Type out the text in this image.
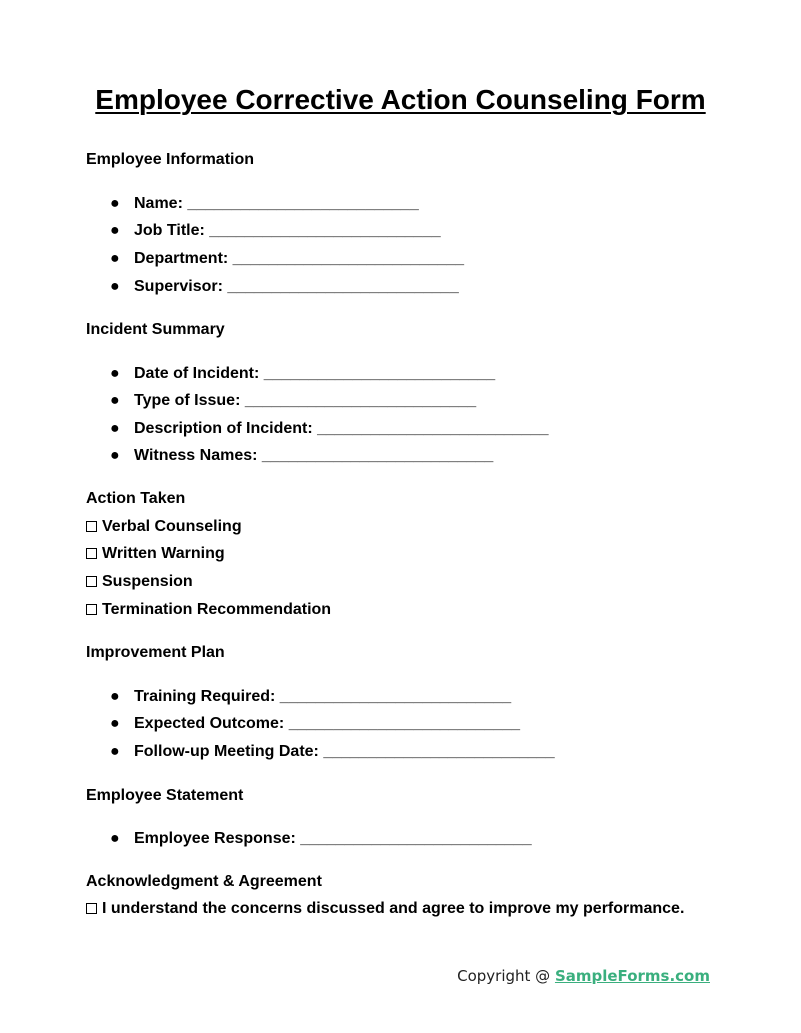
Employee Corrective Action Counseling Form
Employee Information
● Name: __________________________
● Job Title: __________________________
● Department: __________________________
● Supervisor: __________________________
Incident Summary
● Date of Incident: __________________________
● Type of Issue: __________________________
● Description of Incident: __________________________
● Witness Names: __________________________
Action Taken
Verbal Counseling
Written Warning
Suspension
Termination Recommendation
Improvement Plan
● Training Required: __________________________
● Expected Outcome: __________________________
● Follow-up Meeting Date: __________________________
Employee Statement
● Employee Response: __________________________
Acknowledgment & Agreement
I understand the concerns discussed and agree to improve my performance.
Copyright @ SampleForms.com
